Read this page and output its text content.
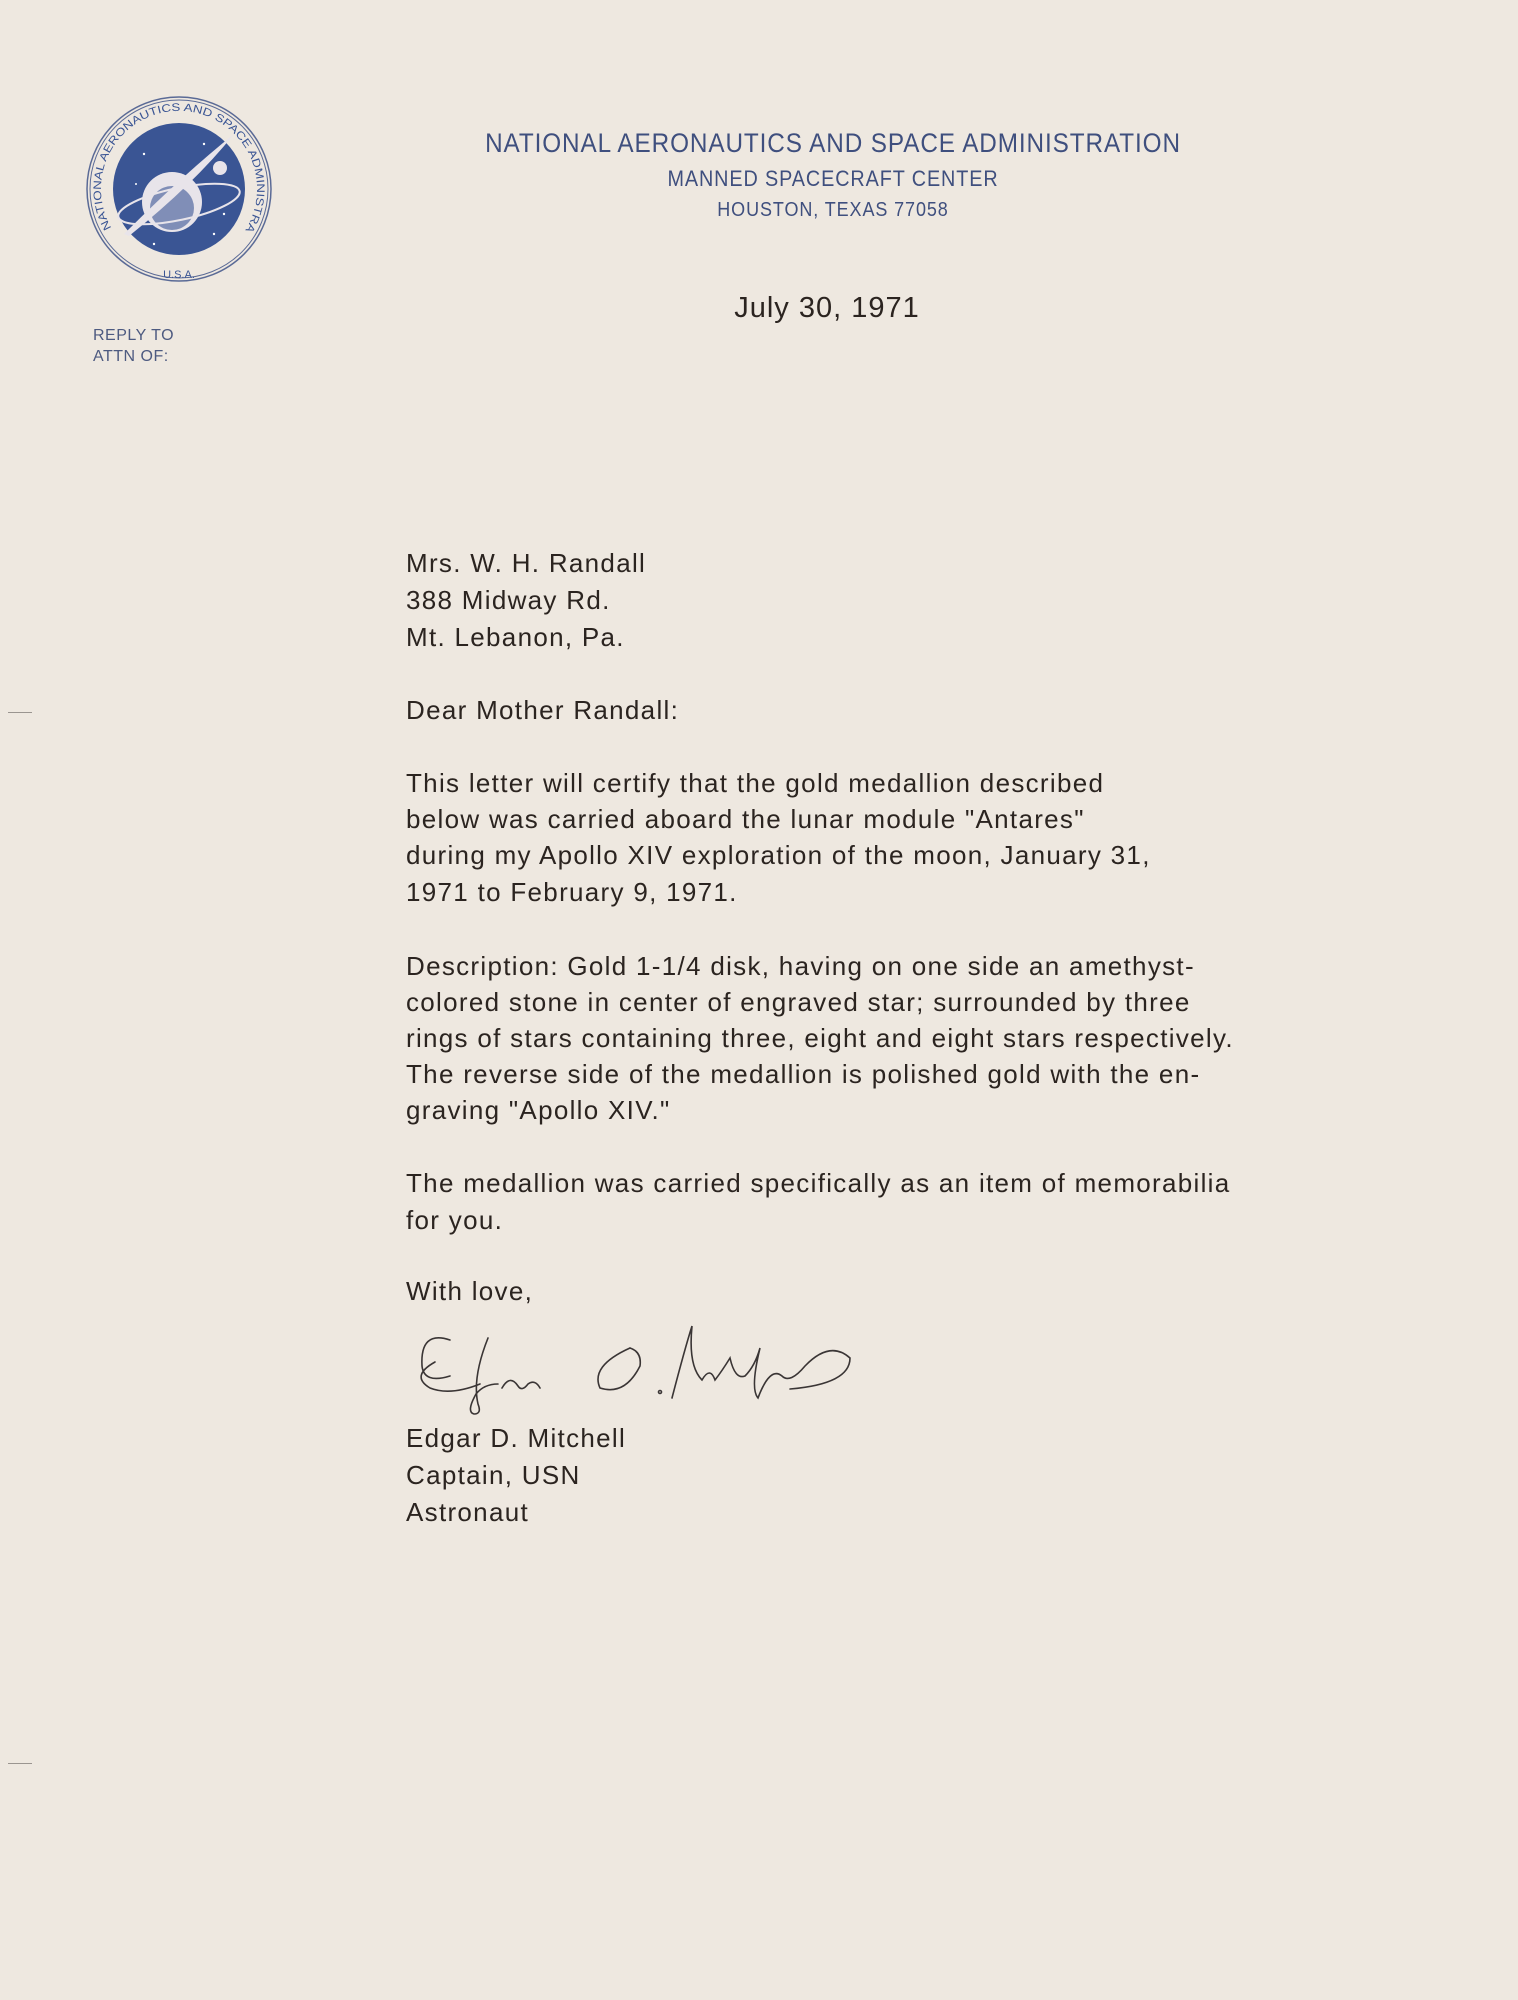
NATIONAL AERONAUTICS AND SPACE ADMINISTRA
U.S.A.
NATIONAL AERONAUTICS AND SPACE ADMINISTRATION
MANNED SPACECRAFT CENTER
HOUSTON, TEXAS 77058
REPLY TO
ATTN OF:
July 30, 1971
Mrs. W. H. Randall
388 Midway Rd.
Mt. Lebanon, Pa.
Dear Mother Randall:
This letter will certify that the gold medallion described
below was carried aboard the lunar module "Antares"
during my Apollo XIV exploration of the moon, January 31,
1971 to February 9, 1971.
Description: Gold 1-1/4 disk, having on one side an amethyst-
colored stone in center of engraved star; surrounded by three
rings of stars containing three, eight and eight stars respectively.
The reverse side of the medallion is polished gold with the en-
graving "Apollo XIV."
The medallion was carried specifically as an item of memorabilia
for you.
With love,
Edgar D. Mitchell
Captain, USN
Astronaut
